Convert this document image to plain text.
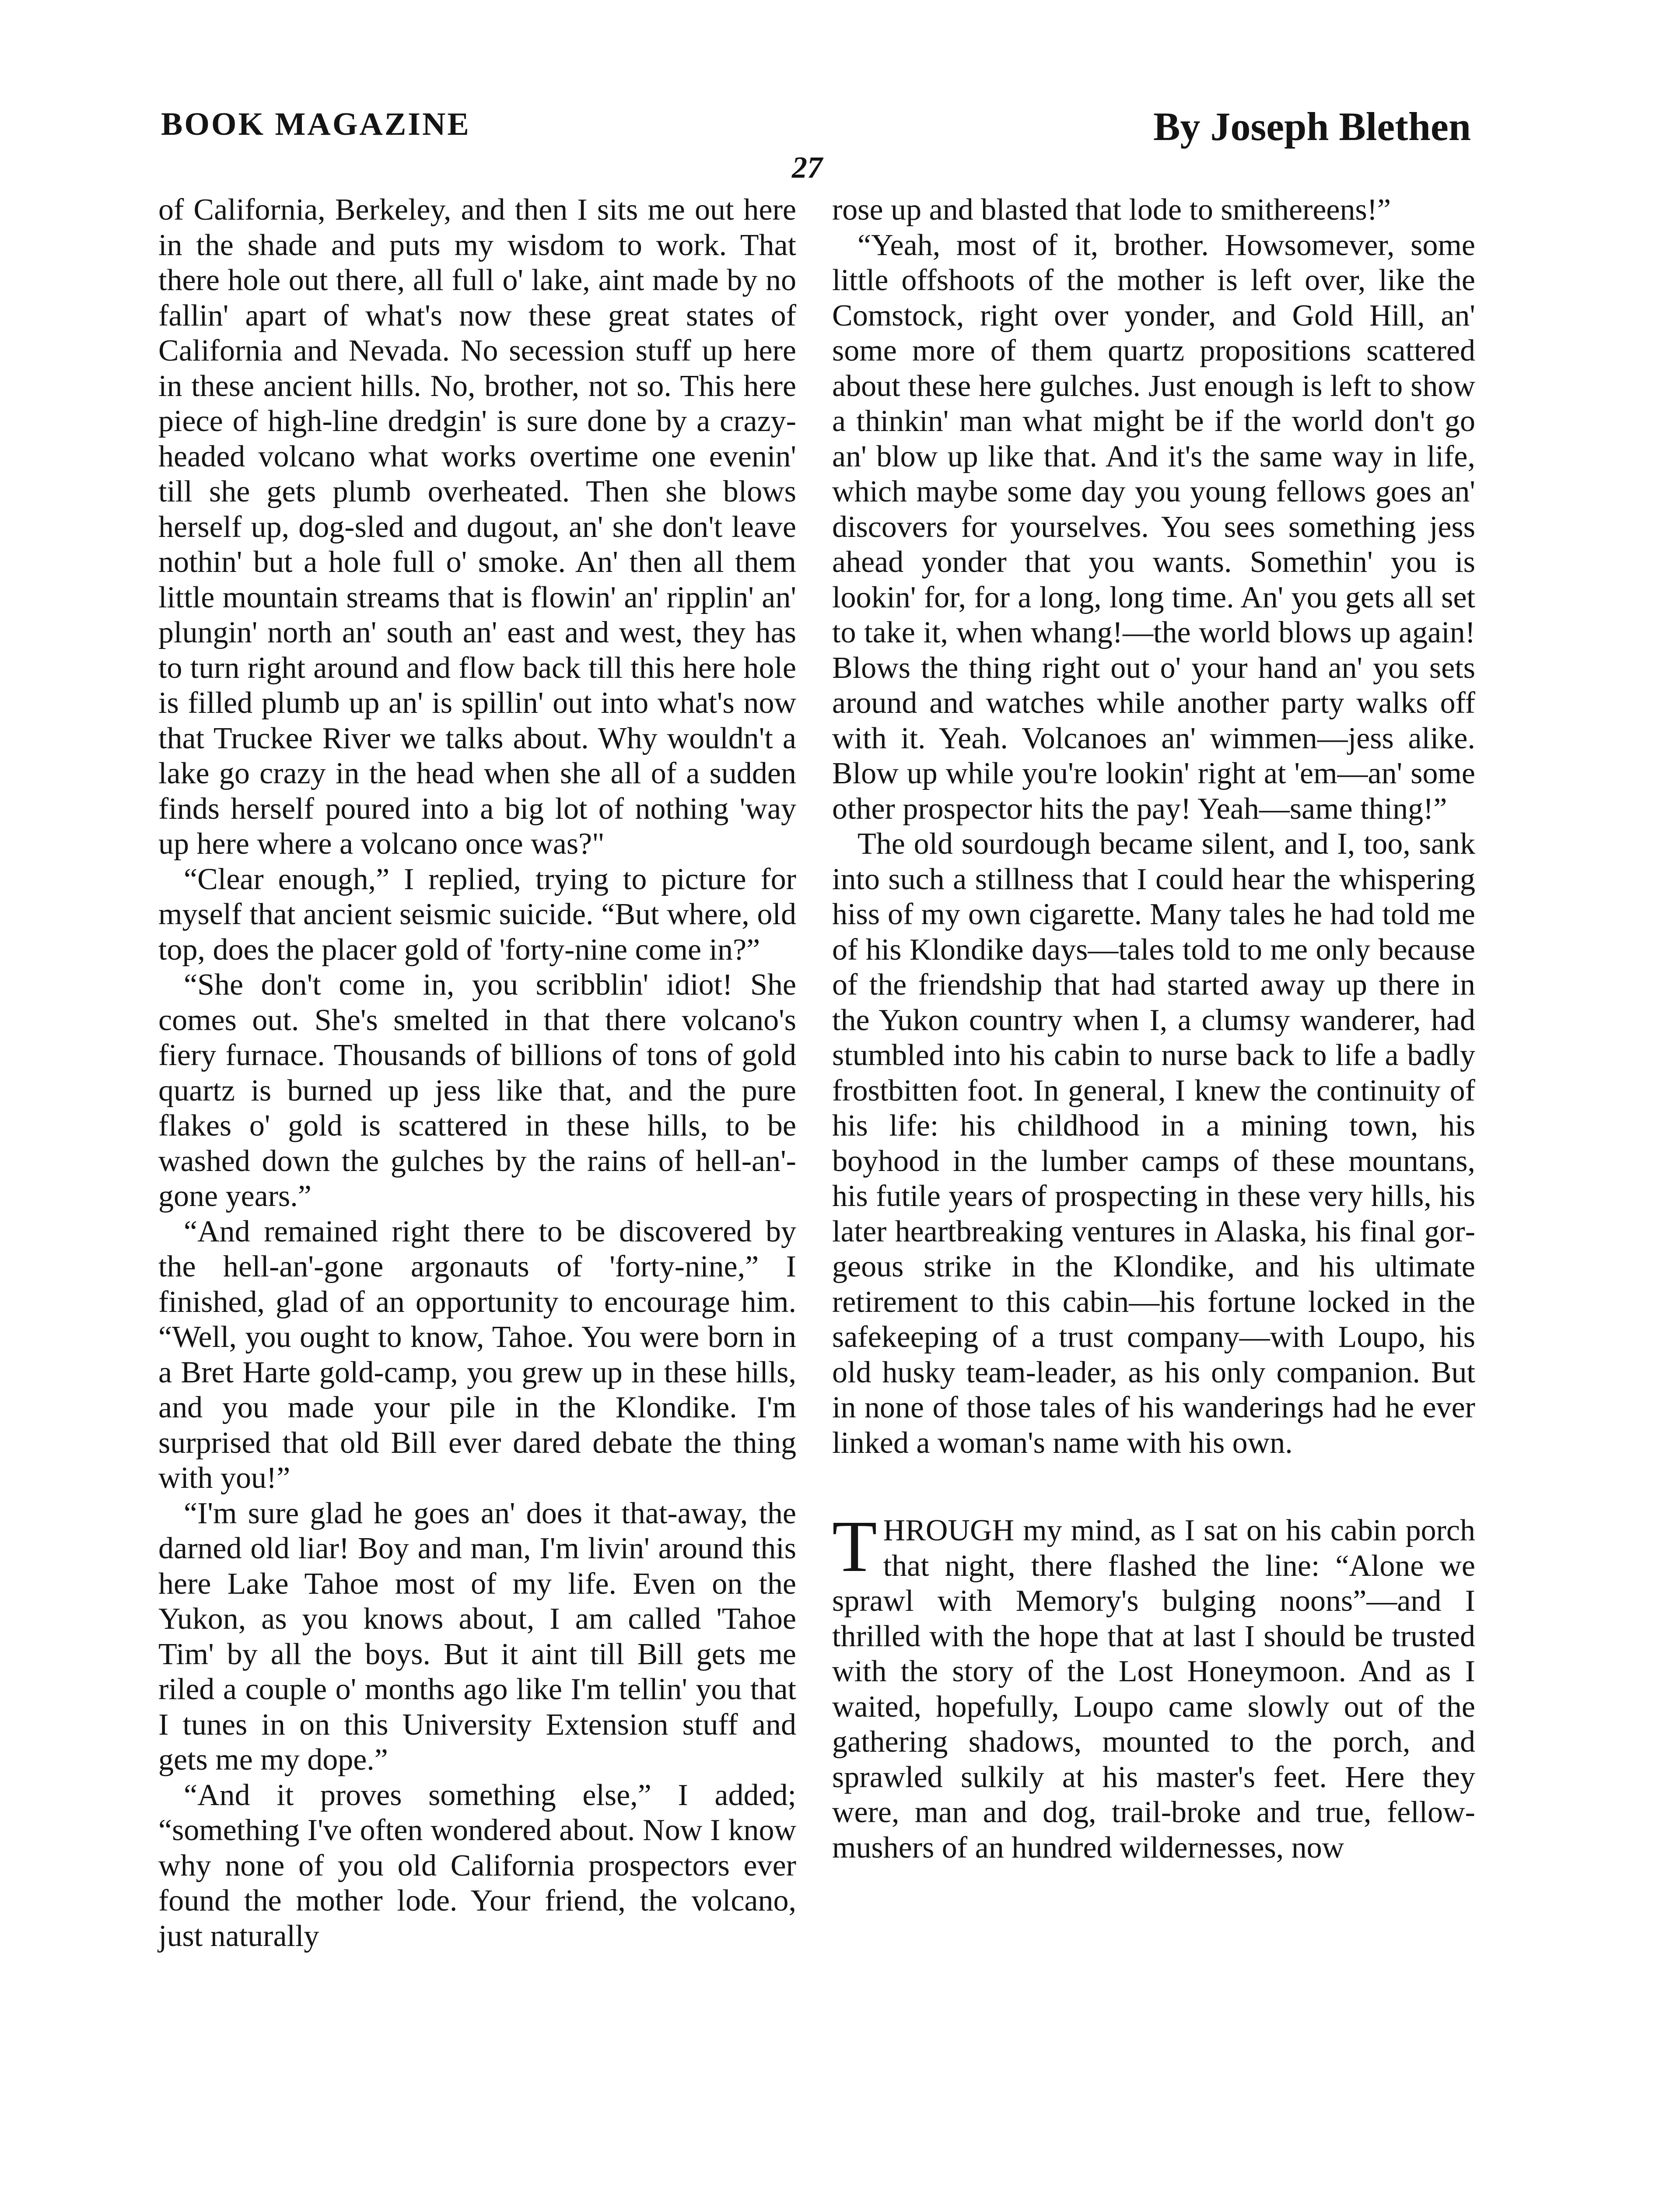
BOOK MAGAZINE	By Joseph Blethen
27

of California, Berkeley, and then I sits me out here in the shade and puts my wisdom to work. That there hole out there, all full o' lake, aint made by no fallin' apart of what's now these great states of California and Nevada. No secession stuff up here in these ancient hills. No, brother, not so. This here piece of high-line dredgin' is sure done by a crazy-headed volcano what works overtime one evenin' till she gets plumb overheated. Then she blows herself up, dog-sled and dugout, an' she don't leave nothin' but a hole full o' smoke. An' then all them little mountain streams that is flowin' an' ripplin' an' plungin' north an' south an' east and west, they has to turn right around and flow back till this here hole is filled plumb up an' is spillin' out into what's now that Truckee River we talks about. Why wouldn't a lake go crazy in the head when she all of a sudden finds herself poured into a big lot of nothing 'way up here where a volcano once was?"

“Clear enough,” I replied, trying to picture for myself that ancient seismic suicide. “But where, old top, does the placer gold of 'forty-nine come in?”

“She don't come in, you scribblin' idiot! She comes out. She's smelted in that there volcano's fiery furnace. Thousands of billions of tons of gold quartz is burned up jess like that, and the pure flakes o' gold is scattered in these hills, to be washed down the gulches by the rains of hell-an'-gone years.”

“And remained right there to be discovered by the hell-an'-gone argonauts of 'forty-nine,” I finished, glad of an opportunity to encourage him. “Well, you ought to know, Tahoe. You were born in a Bret Harte gold-camp, you grew up in these hills, and you made your pile in the Klondike. I'm surprised that old Bill ever dared debate the thing with you!”

“I'm sure glad he goes an' does it that-away, the darned old liar! Boy and man, I'm livin' around this here Lake Tahoe most of my life. Even on the Yukon, as you knows about, I am called 'Tahoe Tim' by all the boys. But it aint till Bill gets me riled a couple o' months ago like I'm tellin' you that I tunes in on this University Extension stuff and gets me my dope.”

“And it proves something else,” I added; “something I've often wondered about. Now I know why none of you old California prospectors ever found the mother lode. Your friend, the volcano, just naturally

rose up and blasted that lode to smithereens!”

“Yeah, most of it, brother. Howsomever, some little offshoots of the mother is left over, like the Comstock, right over yonder, and Gold Hill, an' some more of them quartz propositions scattered about these here gulches. Just enough is left to show a thinkin' man what might be if the world don't go an' blow up like that. And it's the same way in life, which maybe some day you young fellows goes an' discovers for yourselves. You sees something jess ahead yonder that you wants. Somethin' you is lookin' for, for a long, long time. An' you gets all set to take it, when whang!—the world blows up again! Blows the thing right out o' your hand an' you sets around and watches while another party walks off with it. Yeah. Volcanoes an' wimmen—jess alike. Blow up while you're lookin' right at 'em—an' some other prospector hits the pay! Yeah—same thing!”

The old sourdough became silent, and I, too, sank into such a stillness that I could hear the whispering hiss of my own cigarette. Many tales he had told me of his Klondike days—tales told to me only because of the friendship that had started away up there in the Yukon country when I, a clumsy wanderer, had stumbled into his cabin to nurse back to life a badly frostbitten foot. In general, I knew the continuity of his life: his childhood in a mining town, his boyhood in the lumber camps of these mountans, his futile years of prospecting in these very hills, his later heartbreaking ventures in Alaska, his final gorgeous strike in the Klondike, and his ultimate retirement to this cabin—his fortune locked in the safekeeping of a trust company—with Loupo, his old husky team-leader, as his only companion. But in none of those tales of his wanderings had he ever linked a woman's name with his own.

THROUGH my mind, as I sat on his cabin porch that night, there flashed the line: “Alone we sprawl with Memory's bulging noons”—and I thrilled with the hope that at last I should be trusted with the story of the Lost Honeymoon. And as I waited, hopefully, Loupo came slowly out of the gathering shadows, mounted to the porch, and sprawled sulkily at his master's feet. Here they were, man and dog, trail-broke and true, fellow-mushers of an hundred wildernesses, now
